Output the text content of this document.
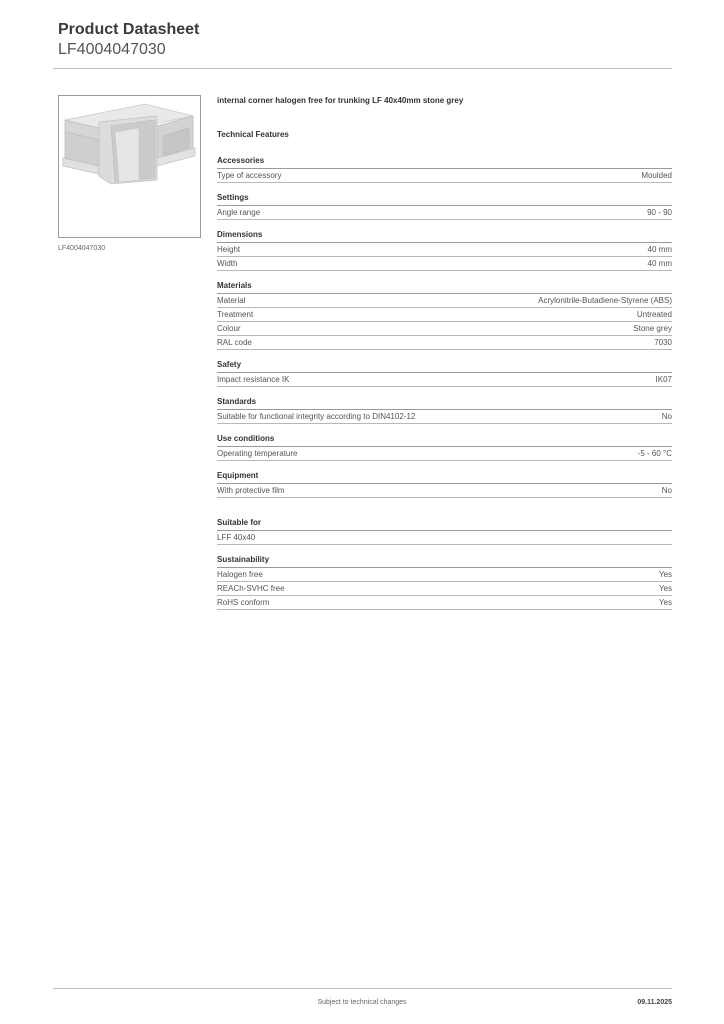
Product Datasheet
LF4004047030
LF4004047030
internal corner halogen free for trunking LF 40x40mm stone grey
Technical Features
Accessories
Type of accessory	Moulded
Settings
Angle range	90 - 90
Dimensions
Height	40 mm
Width	40 mm
Materials
Material	Acrylonitrile-Butadiene-Styrene (ABS)
Treatment	Untreated
Colour	Stone grey
RAL code	7030
Safety
Impact resistance IK	IK07
Standards
Suitable for functional integrity according to DIN4102-12	No
Use conditions
Operating temperature	-5 - 60 °C
Equipment
With protective film	No
Suitable for
LFF 40x40
Sustainability
Halogen free	Yes
REACh-SVHC free	Yes
RoHS conform	Yes
Subject to technical changes	09.11.2025
